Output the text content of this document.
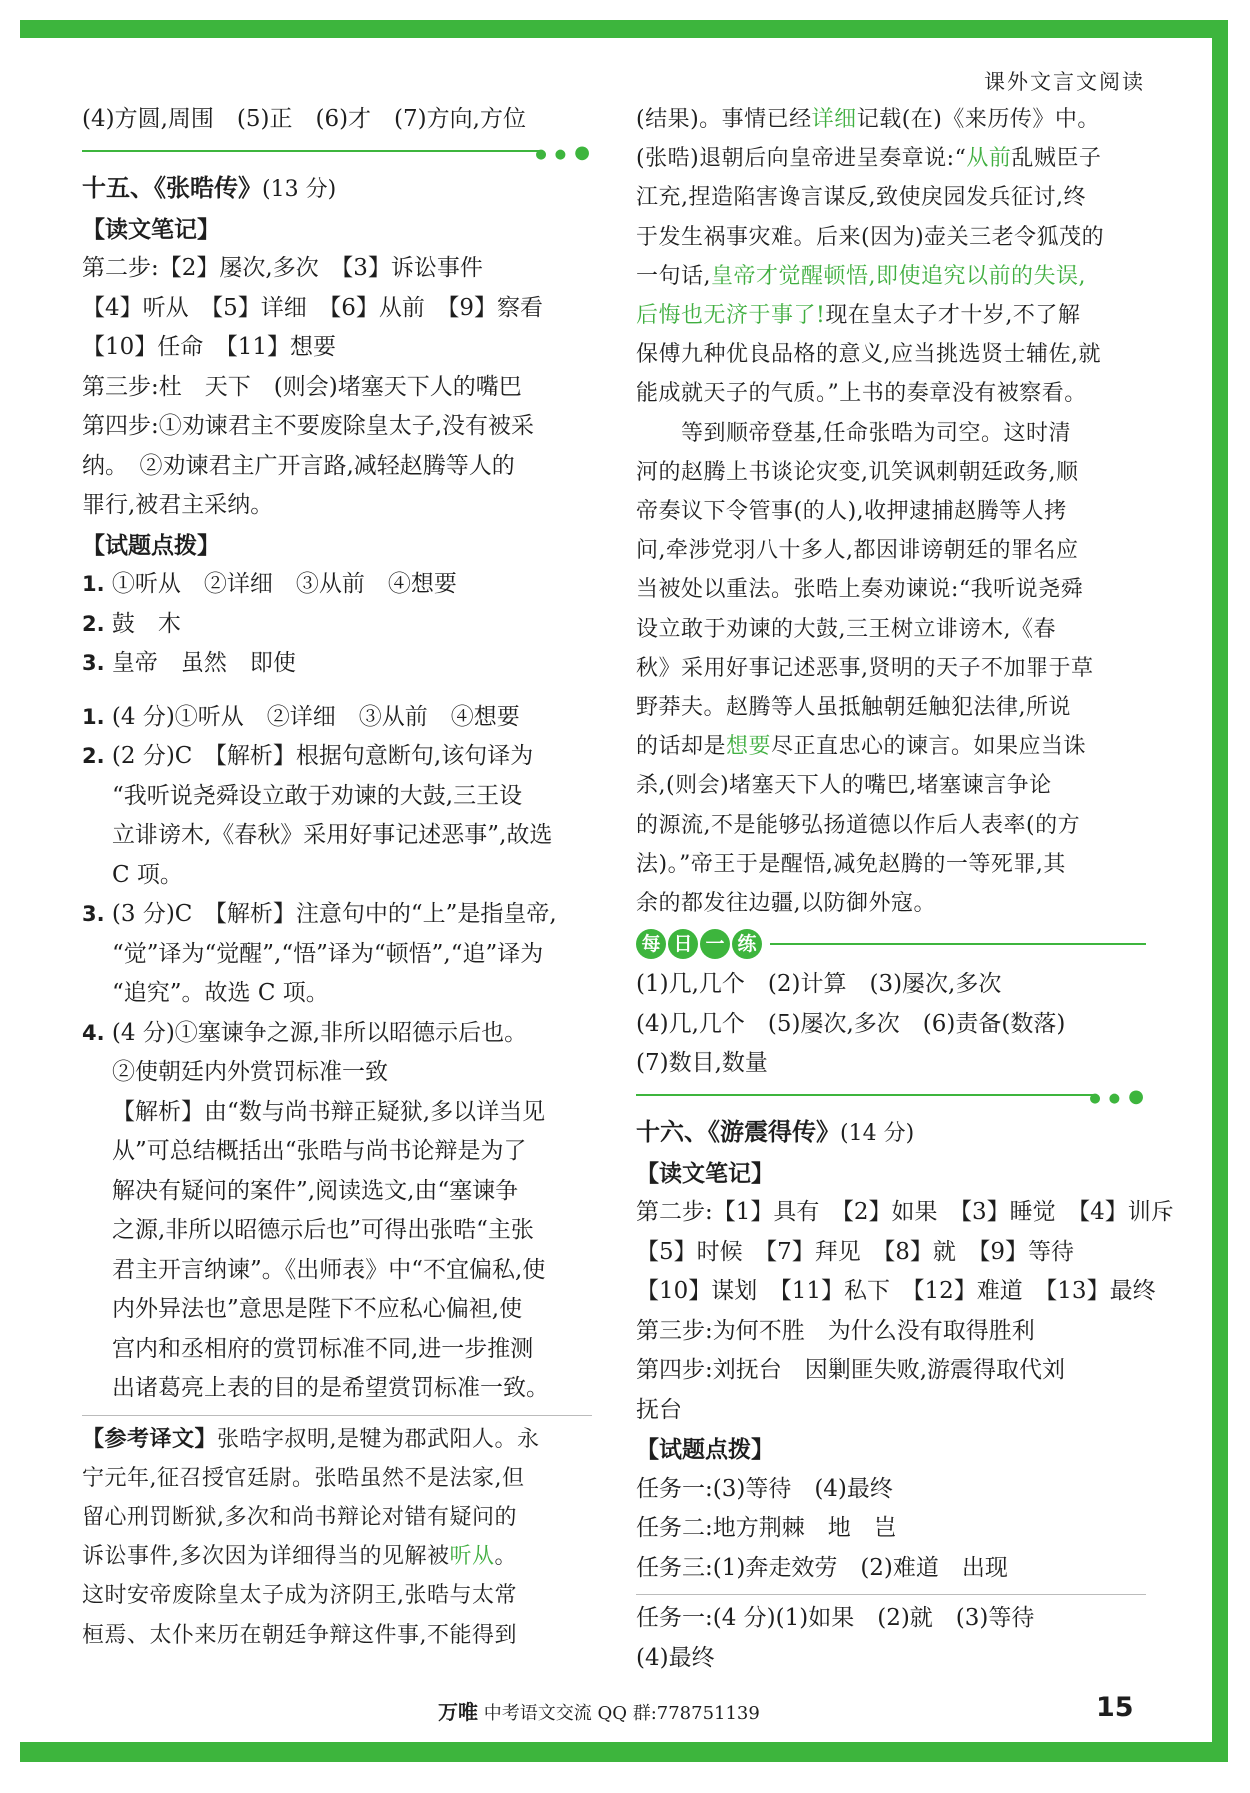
课外文言文阅读
(4)方圆,周围　(5)正　(6)才　(7)方向,方位
● ● ●
十五、《张晧传》(13 分)
【读文笔记】
第二步:【2】屡次,多次　【3】诉讼事件
【4】听从　【5】详细　【6】从前　【9】察看
【10】任命　【11】想要
第三步:杜　天下　(则会)堵塞天下人的嘴巴
第四步:①劝谏君主不要废除皇太子,没有被采
纳。　②劝谏君主广开言路,减轻赵腾等人的
罪行,被君主采纳。
【试题点拨】
1. ①听从　②详细　③从前　④想要
2. 鼓　木
3. 皇帝　虽然　即使
1. (4 分)①听从　②详细　③从前　④想要
2. (2 分)C　【解析】根据句意断句,该句译为
“我听说尧舜设立敢于劝谏的大鼓,三王设
立诽谤木,《春秋》采用好事记述恶事”,故选
C 项。
3. (3 分)C　【解析】注意句中的“上”是指皇帝,
“觉”译为“觉醒”,“悟”译为“顿悟”,“追”译为
“追究”。故选 C 项。
4. (4 分)①塞谏争之源,非所以昭德示后也。
②使朝廷内外赏罚标准一致
【解析】由“数与尚书辩正疑狱,多以详当见
从”可总结概括出“张晧与尚书论辩是为了
解决有疑问的案件”,阅读选文,由“塞谏争
之源,非所以昭德示后也”可得出张晧“主张
君主开言纳谏”。《出师表》中“不宜偏私,使
内外异法也”意思是陛下不应私心偏袒,使
宫内和丞相府的赏罚标准不同,进一步推测
出诸葛亮上表的目的是希望赏罚标准一致。
【参考译文】张晧字叔明,是犍为郡武阳人。永
宁元年,征召授官廷尉。张晧虽然不是法家,但
留心刑罚断狱,多次和尚书辩论对错有疑问的
诉讼事件,多次因为详细得当的见解被听从。
这时安帝废除皇太子成为济阴王,张晧与太常
桓焉、太仆来历在朝廷争辩这件事,不能得到
(结果)。事情已经详细记载(在)《来历传》中。
(张晧)退朝后向皇帝进呈奏章说:“从前乱贼臣子
江充,捏造陷害谗言谋反,致使戾园发兵征讨,终
于发生祸事灾难。后来(因为)壶关三老令狐茂的
一句话,皇帝才觉醒顿悟,即使追究以前的失误,
后悔也无济于事了!现在皇太子才十岁,不了解
保傅九种优良品格的意义,应当挑选贤士辅佐,就
能成就天子的气质。”上书的奏章没有被察看。
　　等到顺帝登基,任命张晧为司空。这时清
河的赵腾上书谈论灾变,讥笑讽刺朝廷政务,顺
帝奏议下令管事(的人),收押逮捕赵腾等人拷
问,牵涉党羽八十多人,都因诽谤朝廷的罪名应
当被处以重法。张晧上奏劝谏说:“我听说尧舜
设立敢于劝谏的大鼓,三王树立诽谤木,《春
秋》采用好事记述恶事,贤明的天子不加罪于草
野莽夫。赵腾等人虽抵触朝廷触犯法律,所说
的话却是想要尽正直忠心的谏言。如果应当诛
杀,(则会)堵塞天下人的嘴巴,堵塞谏言争论
的源流,不是能够弘扬道德以作后人表率(的方
法)。”帝王于是醒悟,减免赵腾的一等死罪,其
余的都发往边疆,以防御外寇。
每 日 一 练
(1)几,几个　(2)计算　(3)屡次,多次
(4)几,几个　(5)屡次,多次　(6)责备(数落)
(7)数目,数量
● ● ●
十六、《游震得传》(14 分)
【读文笔记】
第二步:【1】具有　【2】如果　【3】睡觉　【4】训斥
【5】时候　【7】拜见　【8】就　【9】等待
【10】谋划　【11】私下　【12】难道　【13】最终
第三步:为何不胜　为什么没有取得胜利
第四步:刘抚台　因剿匪失败,游震得取代刘
抚台
【试题点拨】
任务一:(3)等待　(4)最终
任务二:地方荆棘　地　岂
任务三:(1)奔走效劳　(2)难道　出现
任务一:(4 分)(1)如果　(2)就　(3)等待
(4)最终
万唯 中考语文交流 QQ 群:778751139	15
